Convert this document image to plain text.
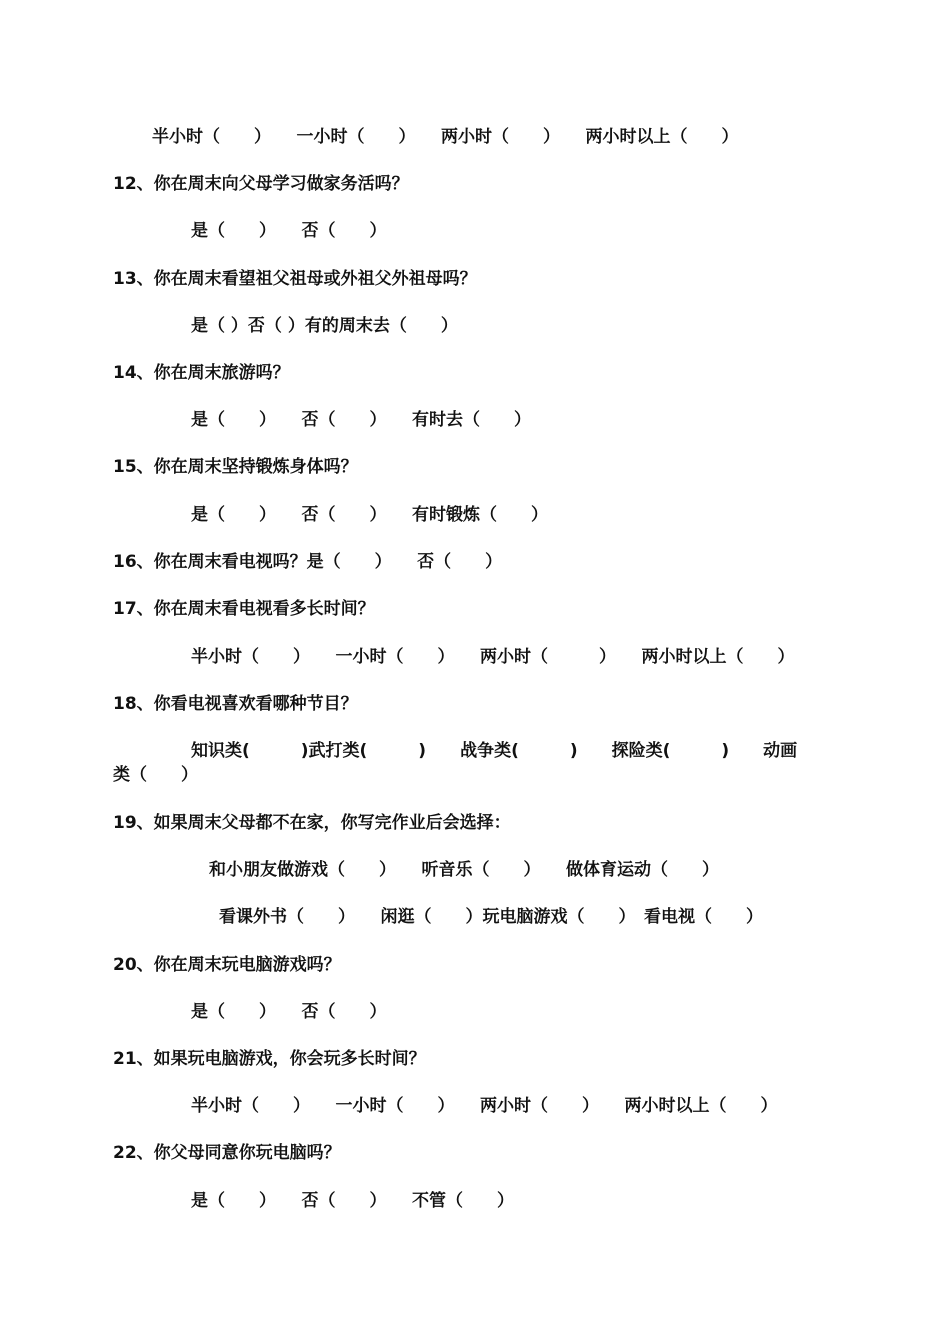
半小时（　　）　　一小时（　　）　　两小时（　　）　　两小时以上（　　）

12、你在周末向父母学习做家务活吗？

是（　　）　　否（　　）

13、你在周末看望祖父祖母或外祖父外祖母吗？

是（ ）否（ ）有的周末去（　　）

14、你在周末旅游吗？

是（　　）　　否（　　）　　有时去（　　）

15、你在周末坚持锻炼身体吗？

是（　　）　　否（　　）　　有时锻炼（　　）

16、你在周末看电视吗？是（　　）　　否（　　）

17、你在周末看电视看多长时间？

半小时（　　）　　一小时（　　）　　两小时（　　　）　　两小时以上（　　）

18、你看电视喜欢看哪种节目？

知识类(　　　)武打类(　　　)　　战争类(　　　)　　探险类(　　　)　　动画

类（　　）

19、如果周末父母都不在家，你写完作业后会选择：

和小朋友做游戏（　　）　　听音乐（　　）　　做体育运动（　　）

看课外书（　　）　　闲逛（　　）玩电脑游戏（　　）　看电视（　　）

20、你在周末玩电脑游戏吗？

是（　　）　　否（　　）

21、如果玩电脑游戏，你会玩多长时间？

半小时（　　）　　一小时（　　）　　两小时（　　）　　两小时以上（　　）

22、你父母同意你玩电脑吗？

是（　　）　　否（　　）　　不管（　　）
